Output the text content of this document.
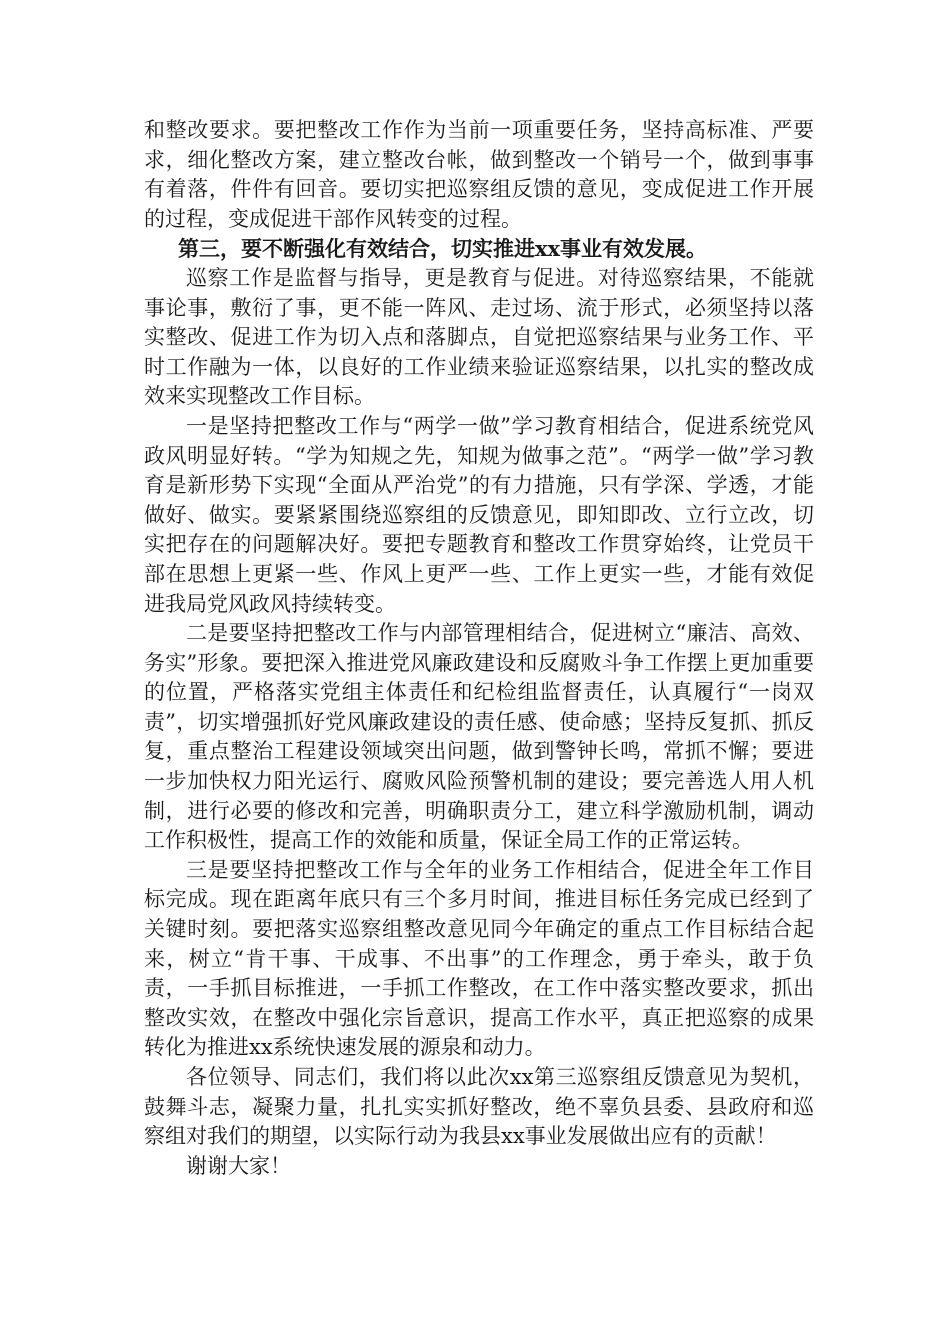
和整改要求。要把整改工作作为当前一项重要任务，坚持高标准、严要求，细化整改方案，建立整改台帐，做到整改一个销号一个，做到事事有着落，件件有回音。要切实把巡察组反馈的意见，变成促进工作开展的过程，变成促进干部作风转变的过程。

第三，要不断强化有效结合，切实推进xx事业有效发展。

巡察工作是监督与指导，更是教育与促进。对待巡察结果，不能就事论事，敷衍了事，更不能一阵风、走过场、流于形式，必须坚持以落实整改、促进工作为切入点和落脚点，自觉把巡察结果与业务工作、平时工作融为一体，以良好的工作业绩来验证巡察结果，以扎实的整改成效来实现整改工作目标。

一是坚持把整改工作与“两学一做”学习教育相结合，促进系统党风政风明显好转。“学为知规之先，知规为做事之范”。“两学一做”学习教育是新形势下实现“全面从严治党”的有力措施，只有学深、学透，才能做好、做实。要紧紧围绕巡察组的反馈意见，即知即改、立行立改，切实把存在的问题解决好。要把专题教育和整改工作贯穿始终，让党员干部在思想上更紧一些、作风上更严一些、工作上更实一些，才能有效促进我局党风政风持续转变。

二是要坚持把整改工作与内部管理相结合，促进树立“廉洁、高效、务实”形象。要把深入推进党风廉政建设和反腐败斗争工作摆上更加重要的位置，严格落实党组主体责任和纪检组监督责任，认真履行“一岗双责”，切实增强抓好党风廉政建设的责任感、使命感；坚持反复抓、抓反复，重点整治工程建设领域突出问题，做到警钟长鸣，常抓不懈；要进一步加快权力阳光运行、腐败风险预警机制的建设；要完善选人用人机制，进行必要的修改和完善，明确职责分工，建立科学激励机制，调动工作积极性，提高工作的效能和质量，保证全局工作的正常运转。

三是要坚持把整改工作与全年的业务工作相结合，促进全年工作目标完成。现在距离年底只有三个多月时间，推进目标任务完成已经到了关键时刻。要把落实巡察组整改意见同今年确定的重点工作目标结合起来，树立“肯干事、干成事、不出事”的工作理念，勇于牵头，敢于负责，一手抓目标推进，一手抓工作整改，在工作中落实整改要求，抓出整改实效，在整改中强化宗旨意识，提高工作水平，真正把巡察的成果转化为推进xx系统快速发展的源泉和动力。

各位领导、同志们，我们将以此次xx第三巡察组反馈意见为契机，鼓舞斗志，凝聚力量，扎扎实实抓好整改，绝不辜负县委、县政府和巡察组对我们的期望，以实际行动为我县xx事业发展做出应有的贡献！

谢谢大家！
